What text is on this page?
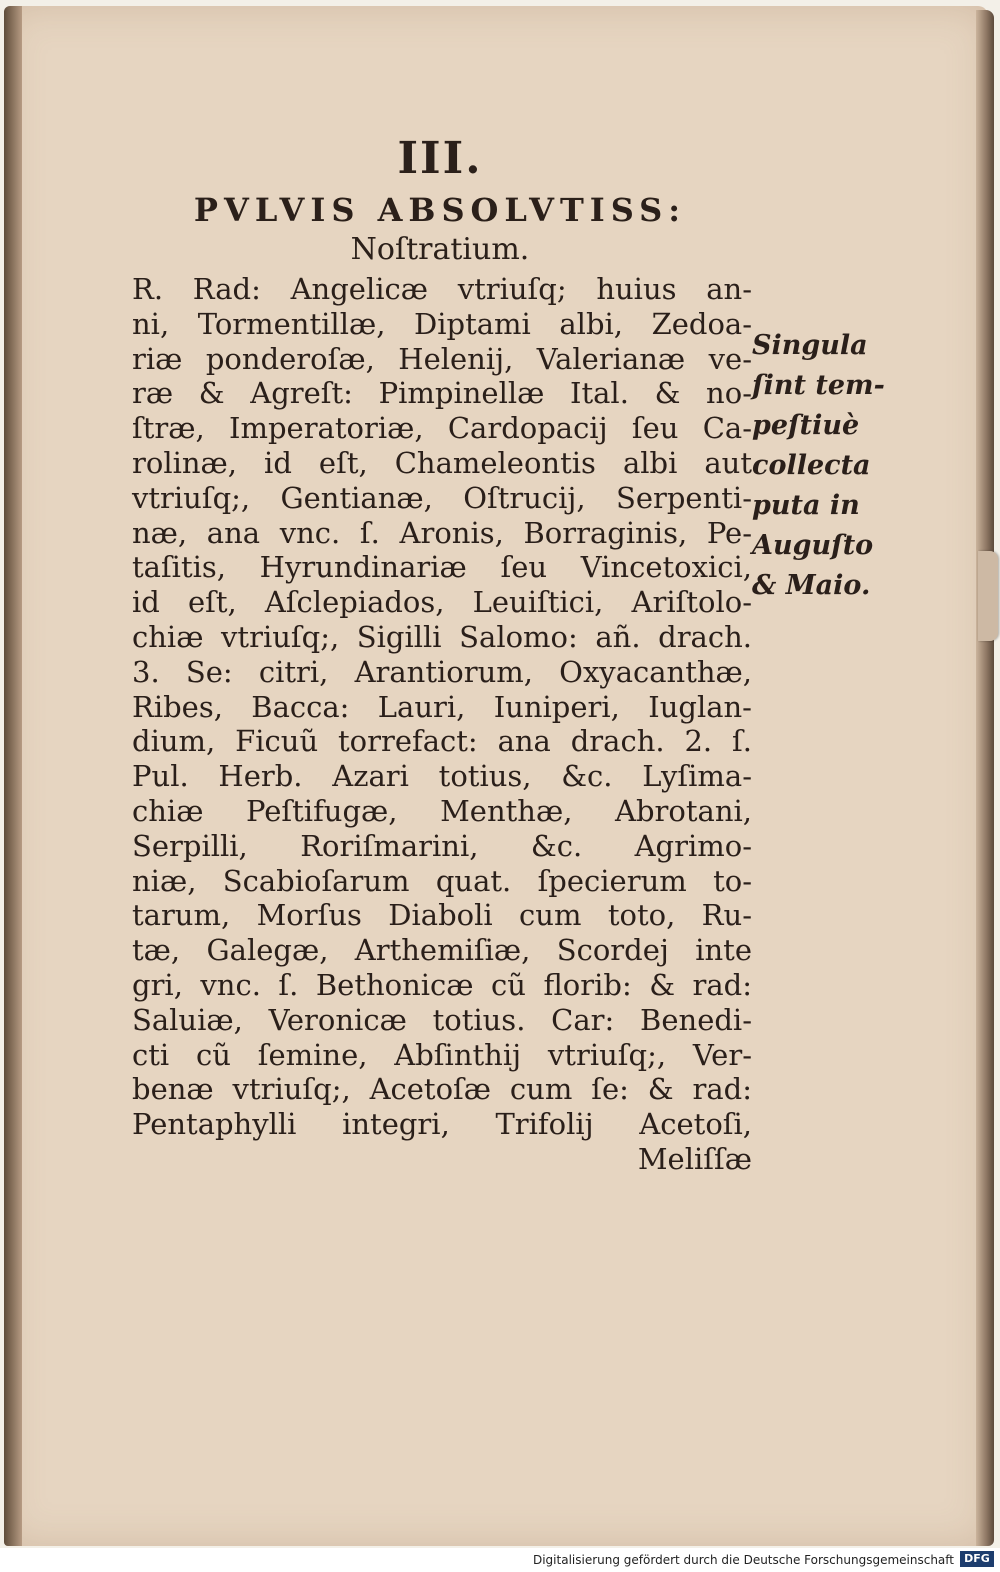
III.
PVLVIS ABSOLVTISS:
Noſtratium.
R. Rad: Angelicæ vtriuſq; huius an-
ni, Tormentillæ, Diptami albi, Zedoa-
riæ ponderoſæ, Helenij, Valerianæ ve-
ræ & Agreſt: Pimpinellæ Ital. & no-
ſtræ, Imperatoriæ, Cardopacij ſeu Ca-
rolinæ, id eſt, Chameleontis albi aut
vtriuſq;, Gentianæ, Oſtrucij, Serpenti-
næ, ana vnc. ſ. Aronis, Borraginis, Pe-
taſitis, Hyrundinariæ ſeu Vincetoxici,
id eſt, Aſclepiados, Leuiſtici, Ariſtolo-
chiæ vtriuſq;, Sigilli Salomo: añ. drach.
3. Se: citri, Arantiorum, Oxyacanthæ,
Ribes, Bacca: Lauri, Iuniperi, Iuglan-
dium, Ficuũ torrefact: ana drach. 2. ſ.
Pul. Herb. Azari totius, &c. Lyſima-
chiæ Peſtifugæ, Menthæ, Abrotani,
Serpilli, Roriſmarini, &c. Agrimo-
niæ, Scabioſarum quat. ſpecierum to-
tarum, Morſus Diaboli cum toto, Ru-
tæ, Galegæ, Arthemiſiæ, Scordej inte
gri, vnc. ſ. Bethonicæ cũ florib: & rad:
Saluiæ, Veronicæ totius. Car: Benedi-
cti cũ ſemine, Abſinthij vtriuſq;, Ver-
benæ vtriuſq;, Acetoſæ cum ſe: & rad:
Pentaphylli integri, Trifolij Acetoſi,
Meliſſæ
Singula
ſint tem-
peſtiuè
collecta
puta in
Auguſto
& Maio.
Digitalisierung gefördert durch die Deutsche Forschungsgemeinschaft DFG
